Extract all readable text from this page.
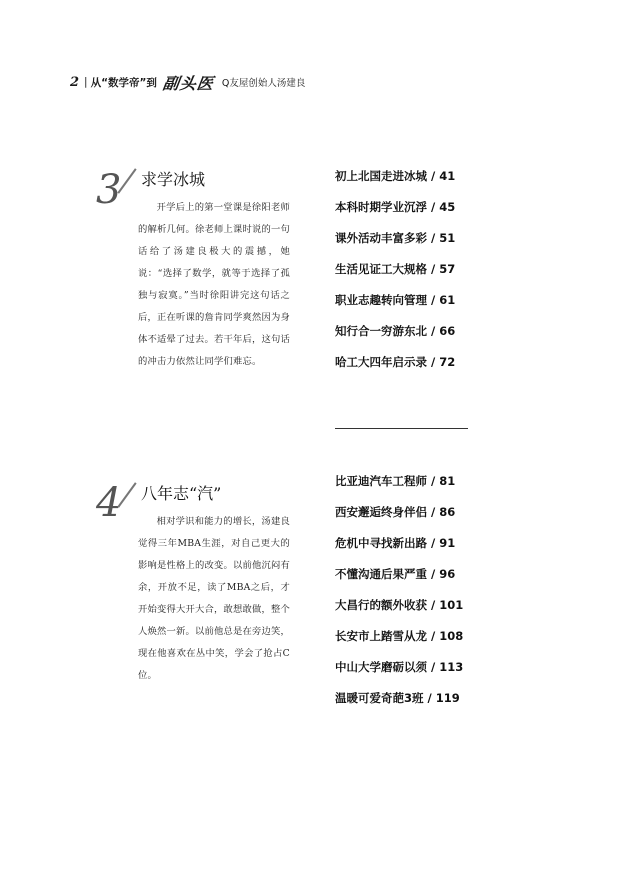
2 | 从“数学帝”到 副头医 Q友屋创始人汤建良
3 求学冰城
开学后上的第一堂课是徐阳老师的解析几何。徐老师上课时说的一句话给了汤建良极大的震撼，她说：“选择了数学，就等于选择了孤独与寂寞。”当时徐阳讲完这句话之后，正在听课的詹肯同学爽然因为身体不适晕了过去。若干年后，这句话的冲击力依然让同学们难忘。
初上北国走进冰城 / 41
本科时期学业沉浮 / 45
课外活动丰富多彩 / 51
生活见证工大规格 / 57
职业志趣转向管理 / 61
知行合一穷游东北 / 66
哈工大四年启示录 / 72
4 八年志“汽”
相对学识和能力的增长，汤建良觉得三年MBA生涯，对自己更大的影响是性格上的改变。以前他沉闷有余，开放不足，读了MBA之后，才开始变得大开大合，敢想敢做，整个人焕然一新。以前他总是在旁边笑，现在他喜欢在丛中笑，学会了抢占C位。
比亚迪汽车工程师 / 81
西安邂逅终身伴侣 / 86
危机中寻找新出路 / 91
不懂沟通后果严重 / 96
大昌行的额外收获 / 101
长安市上踏雪从龙 / 108
中山大学磨砺以须 / 113
温暖可爱奇葩3班 / 119
